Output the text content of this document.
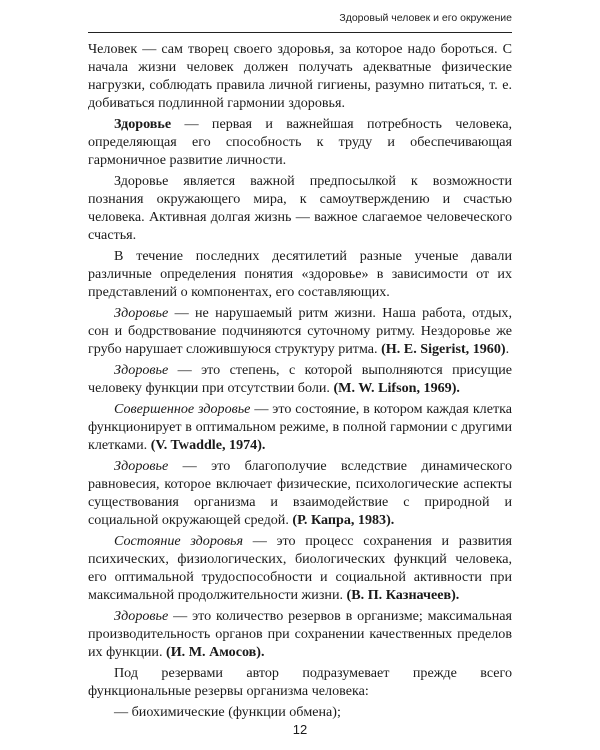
Здоровый человек и его окружение

Человек — сам творец своего здоровья, за которое надо бороться. С начала жизни человек должен получать адекватные физические нагрузки, соблюдать правила личной гигиены, разумно питаться, т. е. добиваться подлинной гармонии здоровья.

Здоровье — первая и важнейшая потребность человека, определяющая его способность к труду и обеспечивающая гармоничное развитие личности.

Здоровье является важной предпосылкой к возможности познания окружающего мира, к самоутверждению и счастью человека. Активная долгая жизнь — важное слагаемое человеческого счастья.

В течение последних десятилетий разные ученые давали различные определения понятия «здоровье» в зависимости от их представлений о компонентах, его составляющих.

Здоровье — не нарушаемый ритм жизни. Наша работа, отдых, сон и бодрствование подчиняются суточному ритму. Нездоровье же грубо нарушает сложившуюся структуру ритма. (H. E. Sigerist, 1960).

Здоровье — это степень, с которой выполняются присущие человеку функции при отсутствии боли. (M. W. Lifson, 1969).

Совершенное здоровье — это состояние, в котором каждая клетка функционирует в оптимальном режиме, в полной гармонии с другими клетками. (V. Twaddle, 1974).

Здоровье — это благополучие вследствие динамического равновесия, которое включает физические, психологические аспекты существования организма и взаимодействие с природной и социальной окружающей средой. (Р. Капра, 1983).

Состояние здоровья — это процесс сохранения и развития психических, физиологических, биологических функций человека, его оптимальной трудоспособности и социальной активности при максимальной продолжительности жизни. (В. П. Казначеев).

Здоровье — это количество резервов в организме; максимальная производительность органов при сохранении качественных пределов их функции. (И. М. Амосов).

Под резервами автор подразумевает прежде всего функциональные резервы организма человека:

— биохимические (функции обмена);

12
